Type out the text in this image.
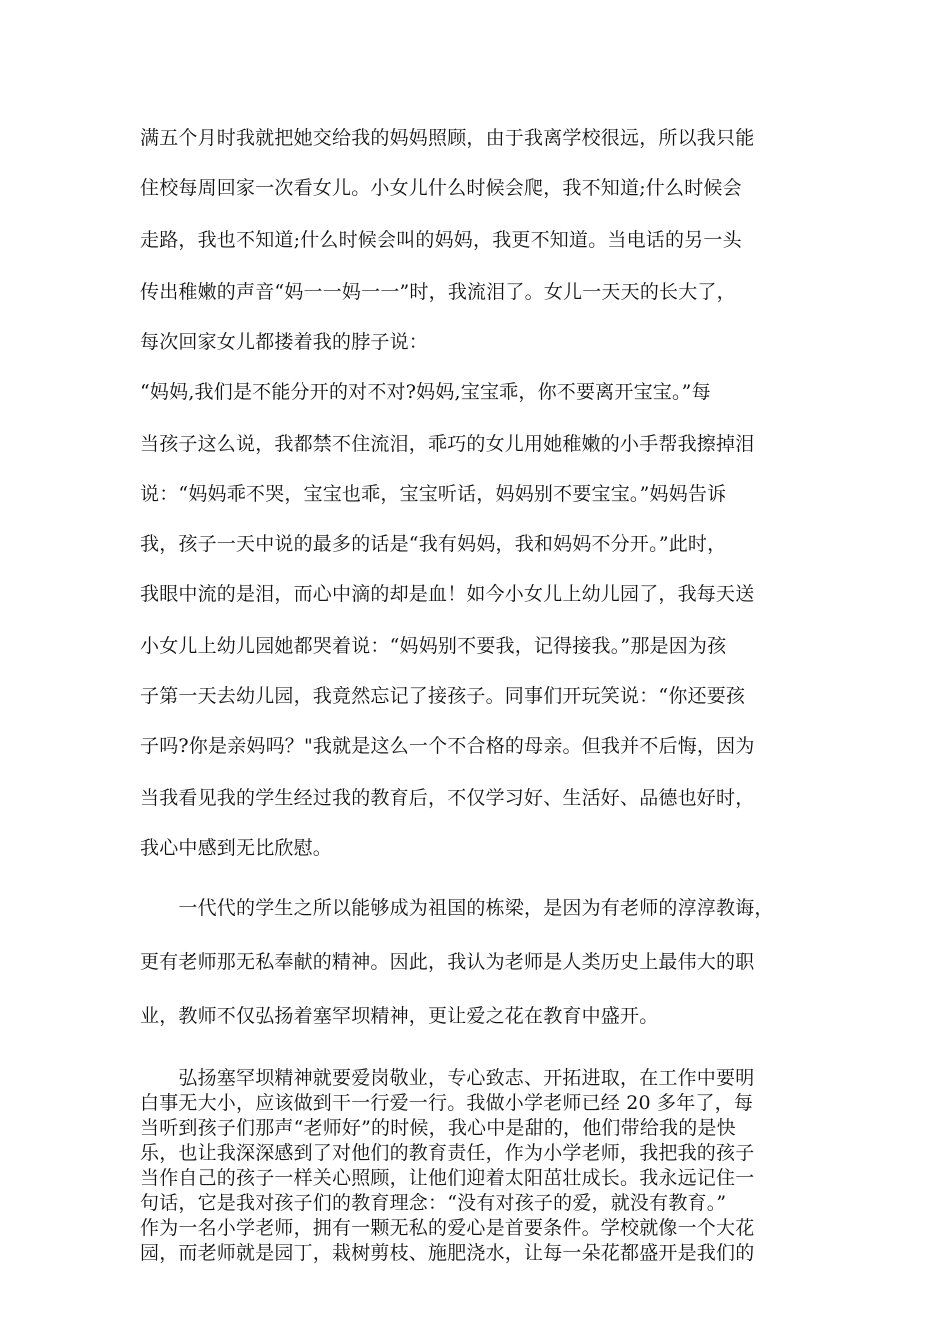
满五个月时我就把她交给我的妈妈照顾，由于我离学校很远，所以我只能
住校每周回家一次看女儿。小女儿什么时候会爬，我不知道;什么时候会
走路，我也不知道;什么时候会叫的妈妈，我更不知道。当电话的另一头
传出稚嫩的声音“妈一一妈一一”时，我流泪了。女儿一天天的长大了，
每次回家女儿都搂着我的脖子说：
“妈妈,我们是不能分开的对不对?妈妈,宝宝乖，你不要离开宝宝。”每
当孩子这么说，我都禁不住流泪，乖巧的女儿用她稚嫩的小手帮我擦掉泪
说：“妈妈乖不哭，宝宝也乖，宝宝听话，妈妈别不要宝宝。”妈妈告诉
我，孩子一天中说的最多的话是“我有妈妈，我和妈妈不分开。”此时，
我眼中流的是泪，而心中滴的却是血！如今小女儿上幼儿园了，我每天送
小女儿上幼儿园她都哭着说：“妈妈别不要我，记得接我。”那是因为孩
子第一天去幼儿园，我竟然忘记了接孩子。同事们开玩笑说：“你还要孩
子吗?你是亲妈吗？"我就是这么一个不合格的母亲。但我并不后悔，因为
当我看见我的学生经过我的教育后，不仅学习好、生活好、品德也好时，
我心中感到无比欣慰。
　　一代代的学生之所以能够成为祖国的栋梁，是因为有老师的淳淳教诲，
更有老师那无私奉献的精神。因此，我认为老师是人类历史上最伟大的职
业，教师不仅弘扬着塞罕坝精神，更让爱之花在教育中盛开。
　　弘扬塞罕坝精神就要爱岗敬业，专心致志、开拓进取，在工作中要明
白事无大小，应该做到干一行爱一行。我做小学老师已经 20 多年了，每
当听到孩子们那声“老师好”的时候，我心中是甜的，他们带给我的是快
乐，也让我深深感到了对他们的教育责任，作为小学老师，我把我的孩子
当作自己的孩子一样关心照顾，让他们迎着太阳茁壮成长。我永远记住一
句话，它是我对孩子们的教育理念：“没有对孩子的爱，就没有教育。”
作为一名小学老师，拥有一颗无私的爱心是首要条件。学校就像一个大花
园，而老师就是园丁，栽树剪枝、施肥浇水，让每一朵花都盛开是我们的
